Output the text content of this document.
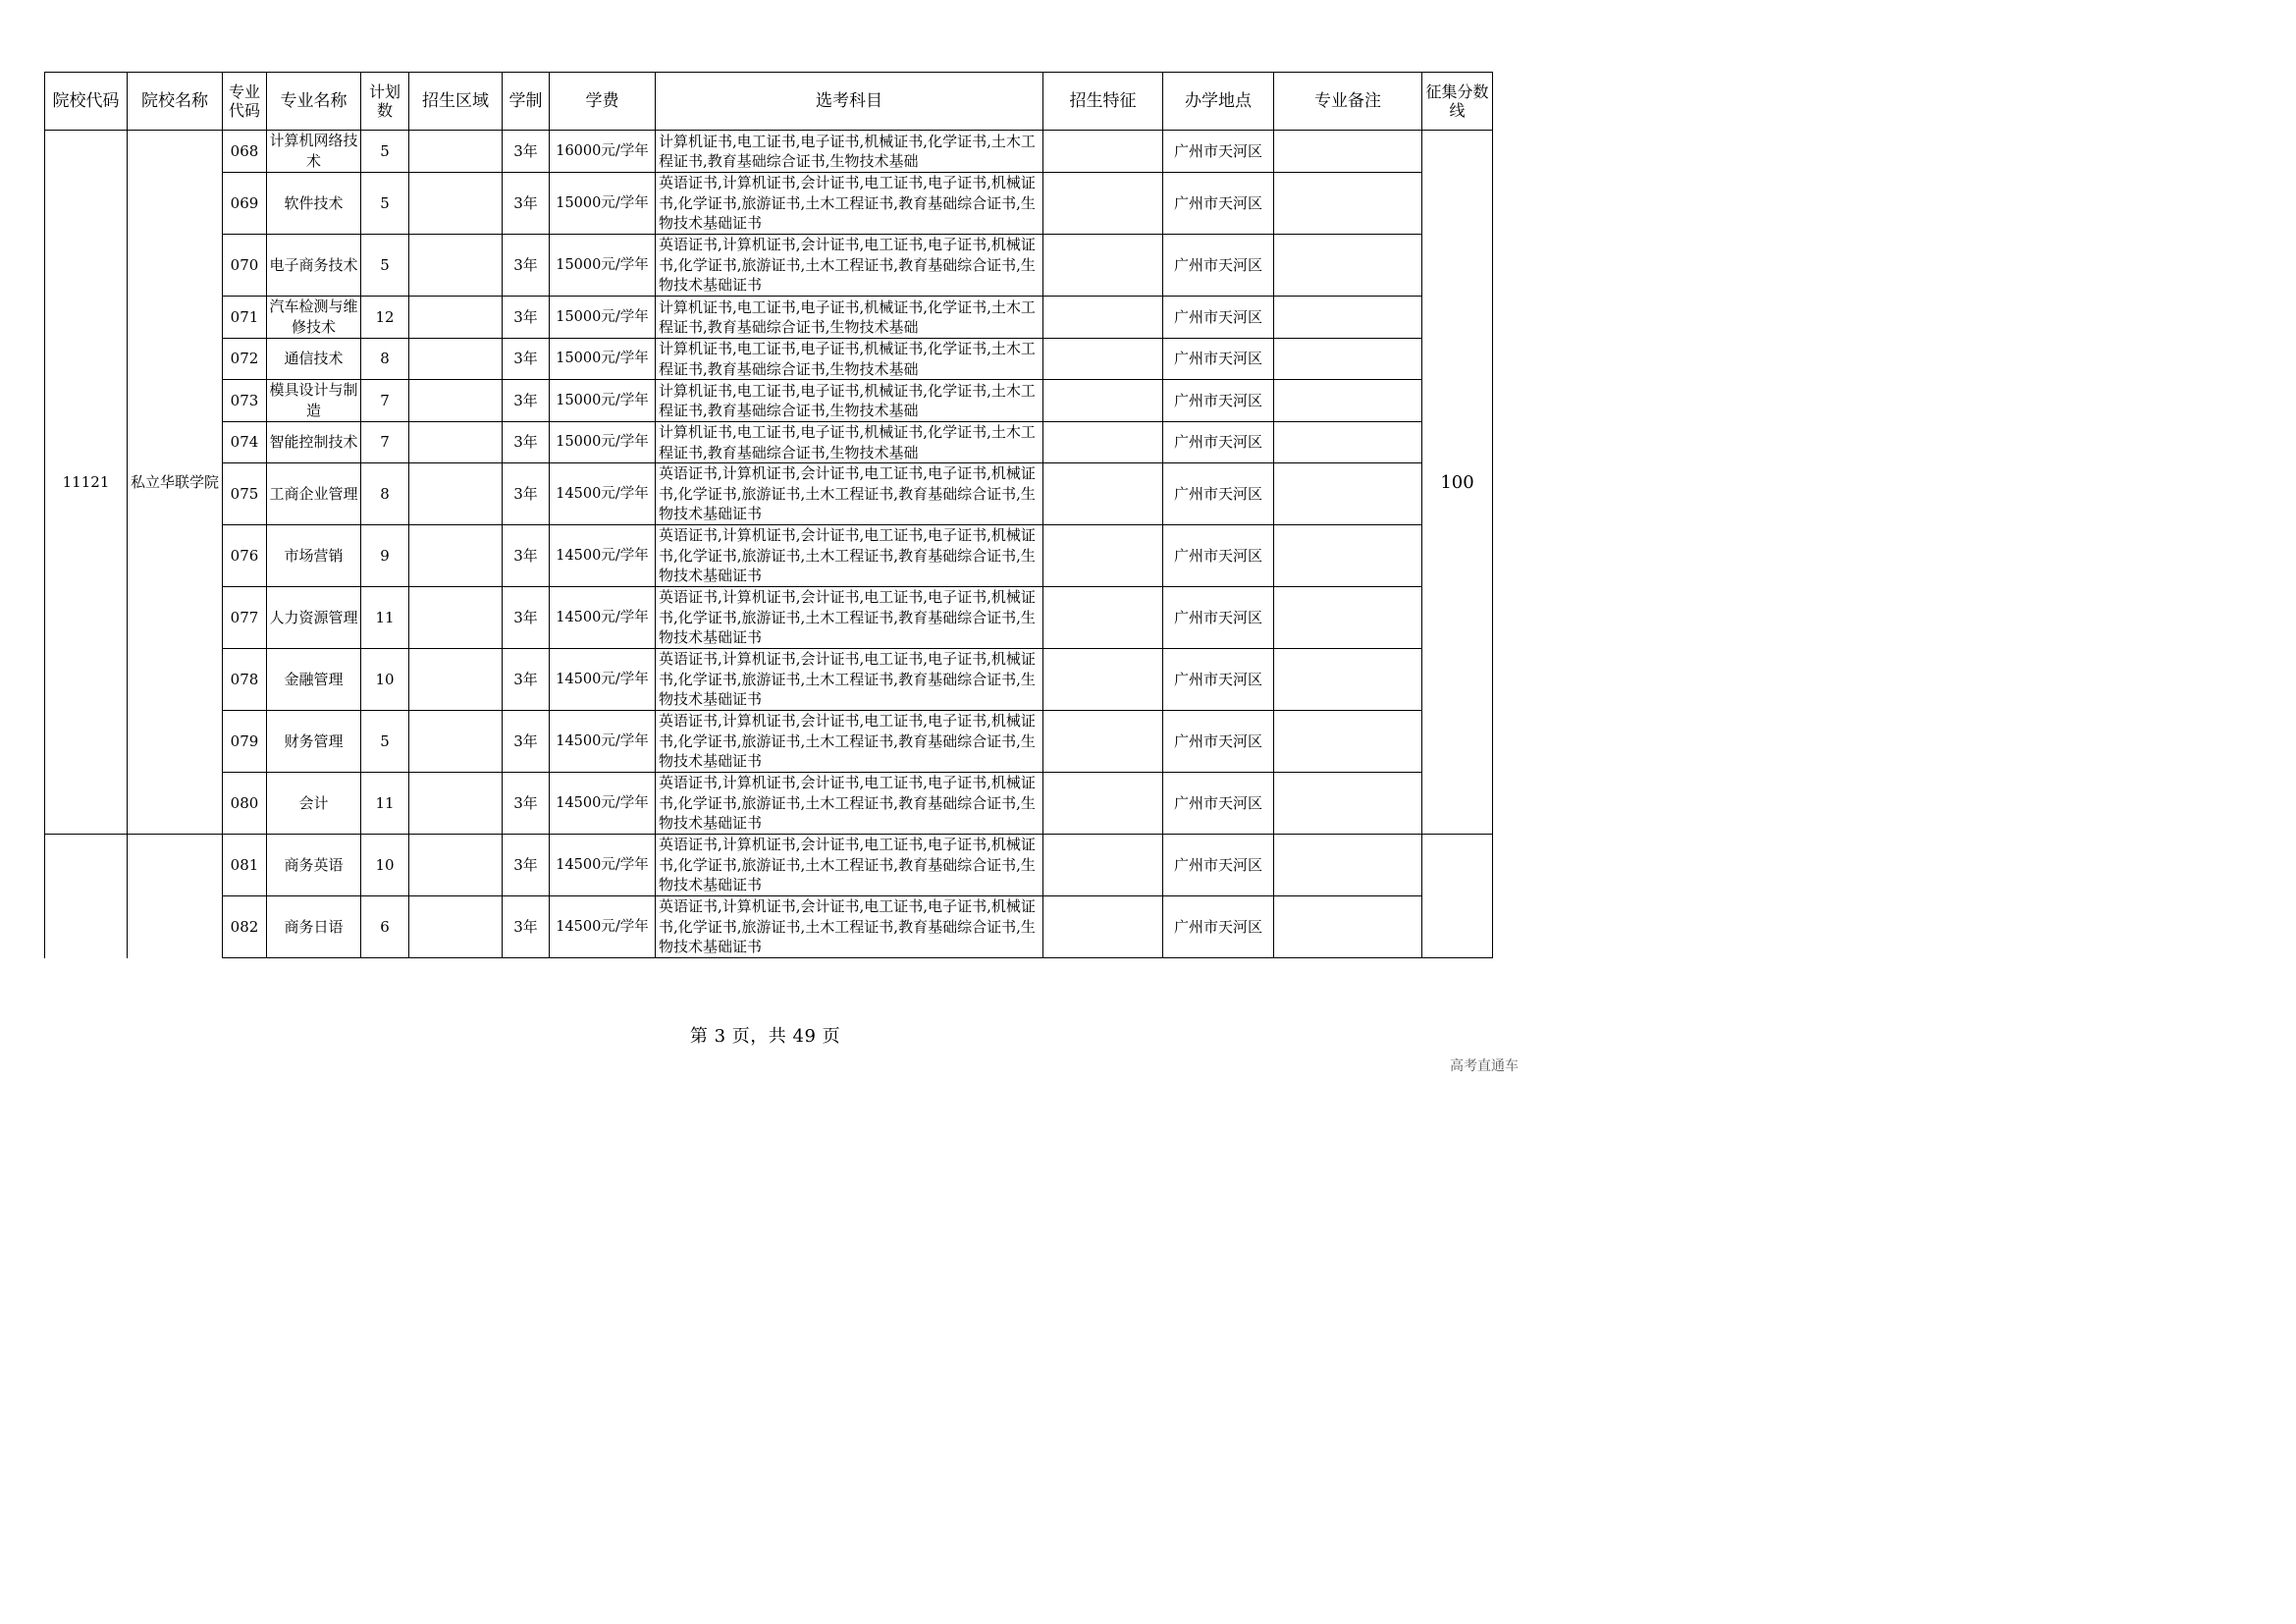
院校代码	院校名称	专业代码	专业名称	计划数	招生区域	学制	学费	选考科目	招生特征	办学地点	专业备注	征集分数线
11121	私立华联学院	068	计算机网络技术	5		3年	16000元/学年	计算机证书,电工证书,电子证书,机械证书,化学证书,土木工程证书,教育基础综合证书,生物技术基础		广州市天河区		100
		069	软件技术	5		3年	15000元/学年	英语证书,计算机证书,会计证书,电工证书,电子证书,机械证书,化学证书,旅游证书,土木工程证书,教育基础综合证书,生物技术基础证书		广州市天河区		
		070	电子商务技术	5		3年	15000元/学年	英语证书,计算机证书,会计证书,电工证书,电子证书,机械证书,化学证书,旅游证书,土木工程证书,教育基础综合证书,生物技术基础证书		广州市天河区		
		071	汽车检测与维修技术	12		3年	15000元/学年	计算机证书,电工证书,电子证书,机械证书,化学证书,土木工程证书,教育基础综合证书,生物技术基础		广州市天河区		
		072	通信技术	8		3年	15000元/学年	计算机证书,电工证书,电子证书,机械证书,化学证书,土木工程证书,教育基础综合证书,生物技术基础		广州市天河区		
		073	模具设计与制造	7		3年	15000元/学年	计算机证书,电工证书,电子证书,机械证书,化学证书,土木工程证书,教育基础综合证书,生物技术基础		广州市天河区		
		074	智能控制技术	7		3年	15000元/学年	计算机证书,电工证书,电子证书,机械证书,化学证书,土木工程证书,教育基础综合证书,生物技术基础		广州市天河区		
		075	工商企业管理	8		3年	14500元/学年	英语证书,计算机证书,会计证书,电工证书,电子证书,机械证书,化学证书,旅游证书,土木工程证书,教育基础综合证书,生物技术基础证书		广州市天河区		
		076	市场营销	9		3年	14500元/学年	英语证书,计算机证书,会计证书,电工证书,电子证书,机械证书,化学证书,旅游证书,土木工程证书,教育基础综合证书,生物技术基础证书		广州市天河区		
		077	人力资源管理	11		3年	14500元/学年	英语证书,计算机证书,会计证书,电工证书,电子证书,机械证书,化学证书,旅游证书,土木工程证书,教育基础综合证书,生物技术基础证书		广州市天河区		
		078	金融管理	10		3年	14500元/学年	英语证书,计算机证书,会计证书,电工证书,电子证书,机械证书,化学证书,旅游证书,土木工程证书,教育基础综合证书,生物技术基础证书		广州市天河区		
		079	财务管理	5		3年	14500元/学年	英语证书,计算机证书,会计证书,电工证书,电子证书,机械证书,化学证书,旅游证书,土木工程证书,教育基础综合证书,生物技术基础证书		广州市天河区		
		080	会计	11		3年	14500元/学年	英语证书,计算机证书,会计证书,电工证书,电子证书,机械证书,化学证书,旅游证书,土木工程证书,教育基础综合证书,生物技术基础证书		广州市天河区		
		081	商务英语	10		3年	14500元/学年	英语证书,计算机证书,会计证书,电工证书,电子证书,机械证书,化学证书,旅游证书,土木工程证书,教育基础综合证书,生物技术基础证书		广州市天河区		
		082	商务日语	6		3年	14500元/学年	英语证书,计算机证书,会计证书,电工证书,电子证书,机械证书,化学证书,旅游证书,土木工程证书,教育基础综合证书,生物技术基础证书		广州市天河区		
第 3 页，共 49 页
高考直通车
